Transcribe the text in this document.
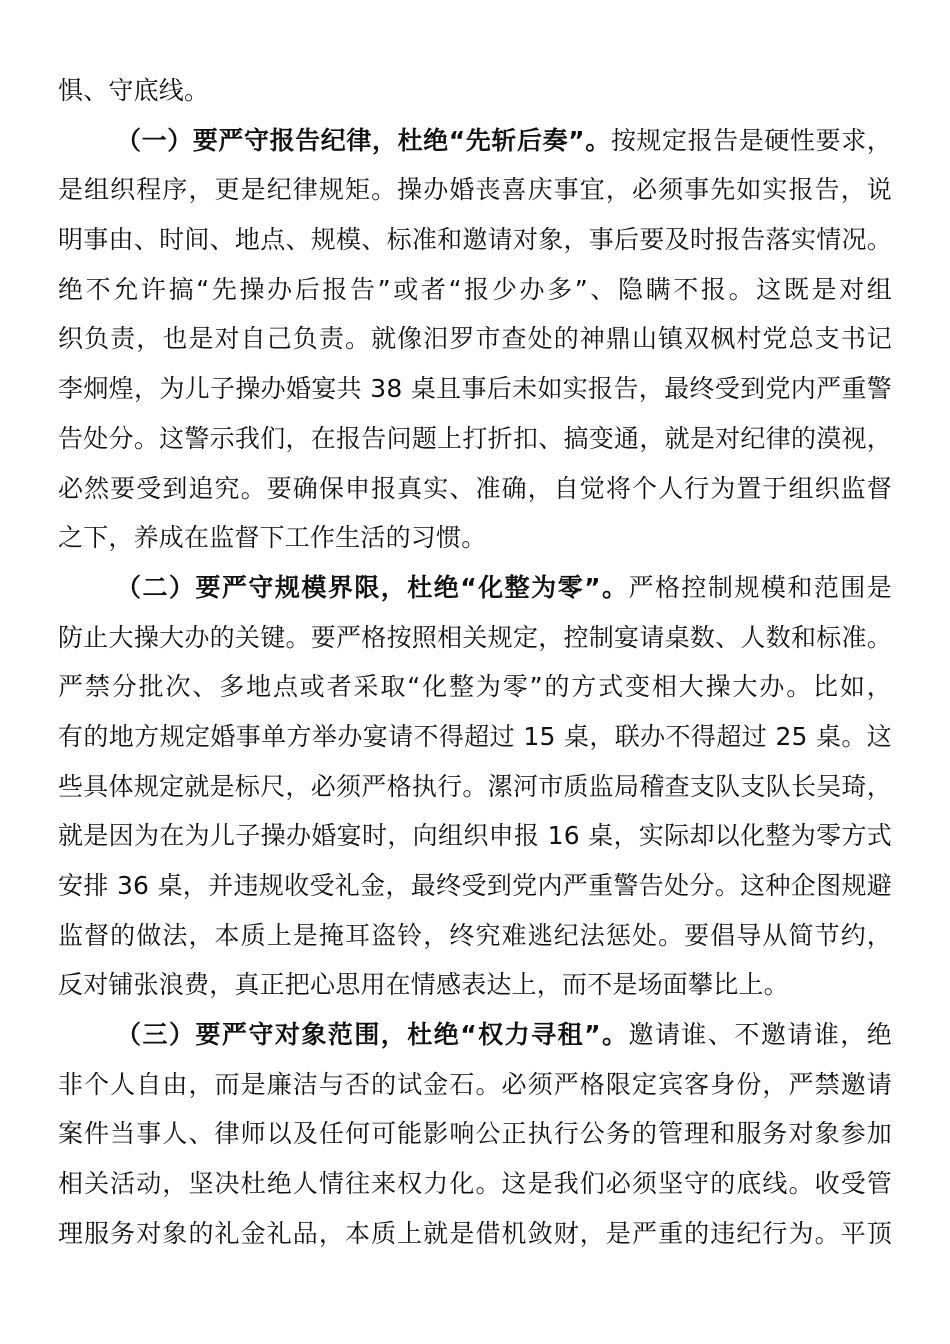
惧、守底线。
（一）要严守报告纪律，杜绝“先斩后奏”。按规定报告是硬性要求，
是组织程序，更是纪律规矩。操办婚丧喜庆事宜，必须事先如实报告，说
明事由、时间、地点、规模、标准和邀请对象，事后要及时报告落实情况。
绝不允许搞“先操办后报告”或者“报少办多”、隐瞒不报。这既是对组
织负责，也是对自己负责。就像汨罗市查处的神鼎山镇双枫村党总支书记
李炯煌，为儿子操办婚宴共 38 桌且事后未如实报告，最终受到党内严重警
告处分。这警示我们，在报告问题上打折扣、搞变通，就是对纪律的漠视，
必然要受到追究。要确保申报真实、准确，自觉将个人行为置于组织监督
之下，养成在监督下工作生活的习惯。
（二）要严守规模界限，杜绝“化整为零”。严格控制规模和范围是
防止大操大办的关键。要严格按照相关规定，控制宴请桌数、人数和标准。
严禁分批次、多地点或者采取“化整为零”的方式变相大操大办。比如，
有的地方规定婚事单方举办宴请不得超过 15 桌，联办不得超过 25 桌。这
些具体规定就是标尺，必须严格执行。漯河市质监局稽查支队支队长吴琦，
就是因为在为儿子操办婚宴时，向组织申报 16 桌，实际却以化整为零方式
安排 36 桌，并违规收受礼金，最终受到党内严重警告处分。这种企图规避
监督的做法，本质上是掩耳盗铃，终究难逃纪法惩处。要倡导从简节约，
反对铺张浪费，真正把心思用在情感表达上，而不是场面攀比上。
（三）要严守对象范围，杜绝“权力寻租”。邀请谁、不邀请谁，绝
非个人自由，而是廉洁与否的试金石。必须严格限定宾客身份，严禁邀请
案件当事人、律师以及任何可能影响公正执行公务的管理和服务对象参加
相关活动，坚决杜绝人情往来权力化。这是我们必须坚守的底线。收受管
理服务对象的礼金礼品，本质上就是借机敛财，是严重的违纪行为。平顶
